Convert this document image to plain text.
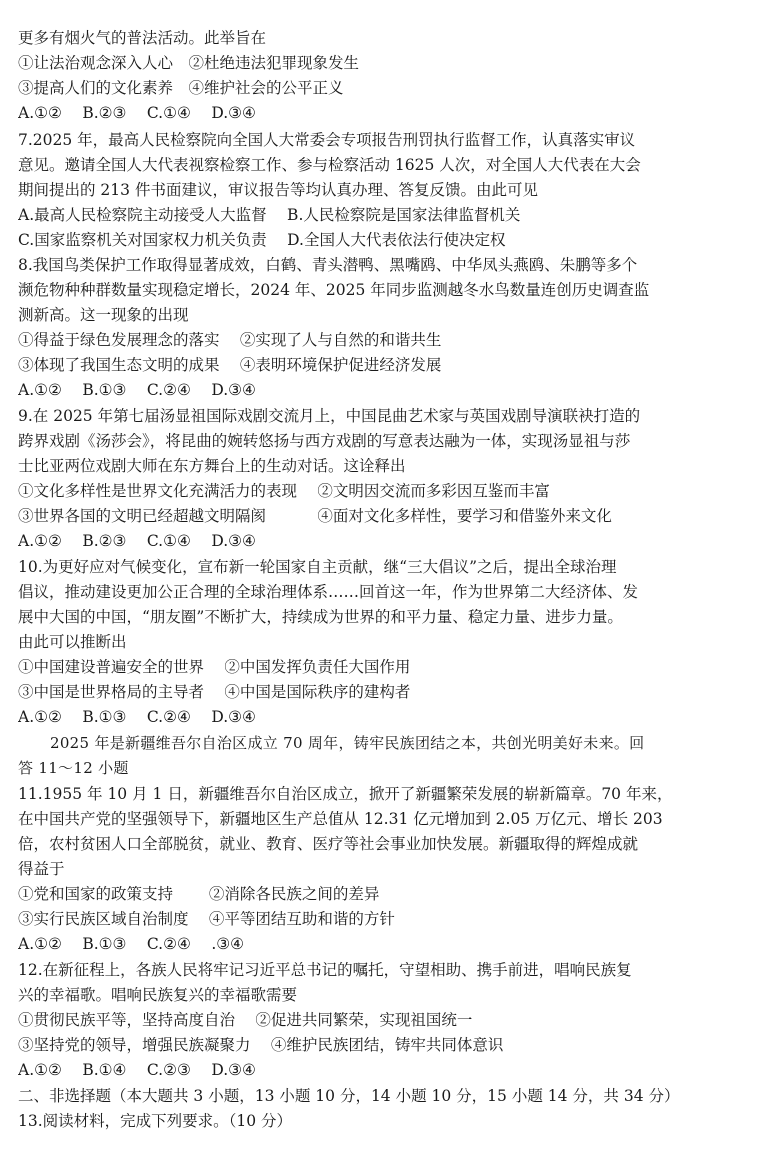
更多有烟火气的普法活动。此举旨在
①让法治观念深入人心　②杜绝违法犯罪现象发生
③提高人们的文化素养　④维护社会的公平正义
A.①②　 B.②③　 C.①④　 D.③④
7.2025 年，最高人民检察院向全国人大常委会专项报告刑罚执行监督工作，认真落实审议
意见。邀请全国人大代表视察检察工作、参与检察活动 1625 人次，对全国人大代表在大会
期间提出的 213 件书面建议，审议报告等均认真办理、答复反馈。由此可见
A.最高人民检察院主动接受人大监督　 B.人民检察院是国家法律监督机关
C.国家监察机关对国家权力机关负责　 D.全国人大代表依法行使决定权
8.我国鸟类保护工作取得显著成效，白鹤、青头潜鸭、黑嘴鸥、中华凤头燕鸥、朱鹏等多个
濒危物种种群数量实现稳定增长，2024 年、2025 年同步监测越冬水鸟数量连创历史调查监
测新高。这一现象的出现
①得益于绿色发展理念的落实　 ②实现了人与自然的和谐共生
③体现了我国生态文明的成果　 ④表明环境保护促进经济发展
A.①②　 B.①③　 C.②④　 D.③④
9.在 2025 年第七届汤显祖国际戏剧交流月上，中国昆曲艺术家与英国戏剧导演联袂打造的
跨界戏剧《汤莎会》，将昆曲的婉转悠扬与西方戏剧的写意表达融为一体，实现汤显祖与莎
士比亚两位戏剧大师在东方舞台上的生动对话。这诠释出
①文化多样性是世界文化充满活力的表现　 ②文明因交流而多彩因互鉴而丰富
③世界各国的文明已经超越文明隔阂　　　 ④面对文化多样性，要学习和借鉴外来文化
A.①②　 B.②③　 C.①④　 D.③④
10.为更好应对气候变化，宣布新一轮国家自主贡献，继“三大倡议”之后，提出全球治理
倡议，推动建设更加公正合理的全球治理体系……回首这一年，作为世界第二大经济体、发
展中大国的中国，“朋友圈”不断扩大，持续成为世界的和平力量、稳定力量、进步力量。
由此可以推断出
①中国建设普遍安全的世界　 ②中国发挥负责任大国作用
③中国是世界格局的主导者　 ④中国是国际秩序的建构者
A.①②　 B.①③　 C.②④　 D.③④
2025 年是新疆维吾尔自治区成立 70 周年，铸牢民族团结之本，共创光明美好未来。回
答 11～12 小题
11.1955 年 10 月 1 日，新疆维吾尔自治区成立，掀开了新疆繁荣发展的崭新篇章。70 年来，
在中国共产党的坚强领导下，新疆地区生产总值从 12.31 亿元增加到 2.05 万亿元、增长 203
倍，农村贫困人口全部脱贫，就业、教育、医疗等社会事业加快发展。新疆取得的辉煌成就
得益于
①党和国家的政策支持　　 ②消除各民族之间的差异
③实行民族区域自治制度　 ④平等团结互助和谐的方针
A.①②　 B.①③　 C.②④　 .③④
12.在新征程上，各族人民将牢记习近平总书记的嘱托，守望相助、携手前进，唱响民族复
兴的幸福歌。唱响民族复兴的幸福歌需要
①贯彻民族平等，坚持高度自治　 ②促进共同繁荣，实现祖国统一
③坚持党的领导，增强民族凝聚力　 ④维护民族团结，铸牢共同体意识
A.①②　 B.①④　 C.②③　 D.③④
二、非选择题（本大题共 3 小题，13 小题 10 分，14 小题 10 分，15 小题 14 分，共 34 分）
13.阅读材料，完成下列要求。（10 分）
